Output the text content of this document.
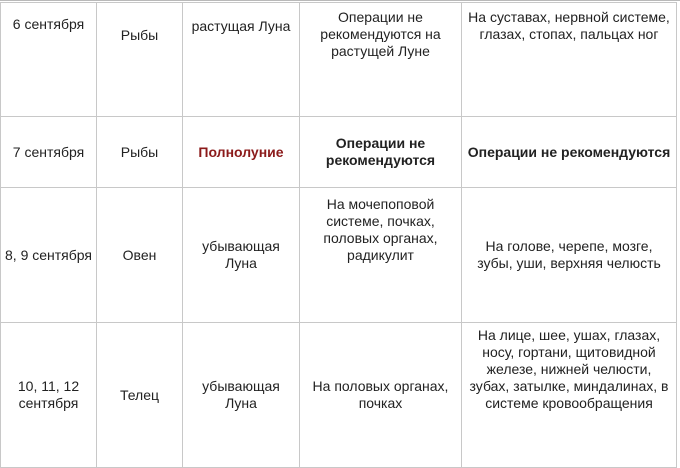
6 сентября	Рыбы	растущая Луна	Операции не рекомендуются на растущей Луне	На суставах, нервной системе, глазах, стопах, пальцах ног
7 сентября	Рыбы	Полнолуние	Операции не рекомендуются	Операции не рекомендуются
8, 9 сентября	Овен	убывающая Луна	На мочепоповой системе, почках, половых органах, радикулит	На голове, черепе, мозге, зубы, уши, верхняя челюсть
10, 11, 12 сентября	Телец	убывающая Луна	На половых органах, почках	На лице, шее, ушах, глазах, носу, гортани, щитовидной железе, нижней челюсти, зубах, затылке, миндалинах, в системе кровообращения
